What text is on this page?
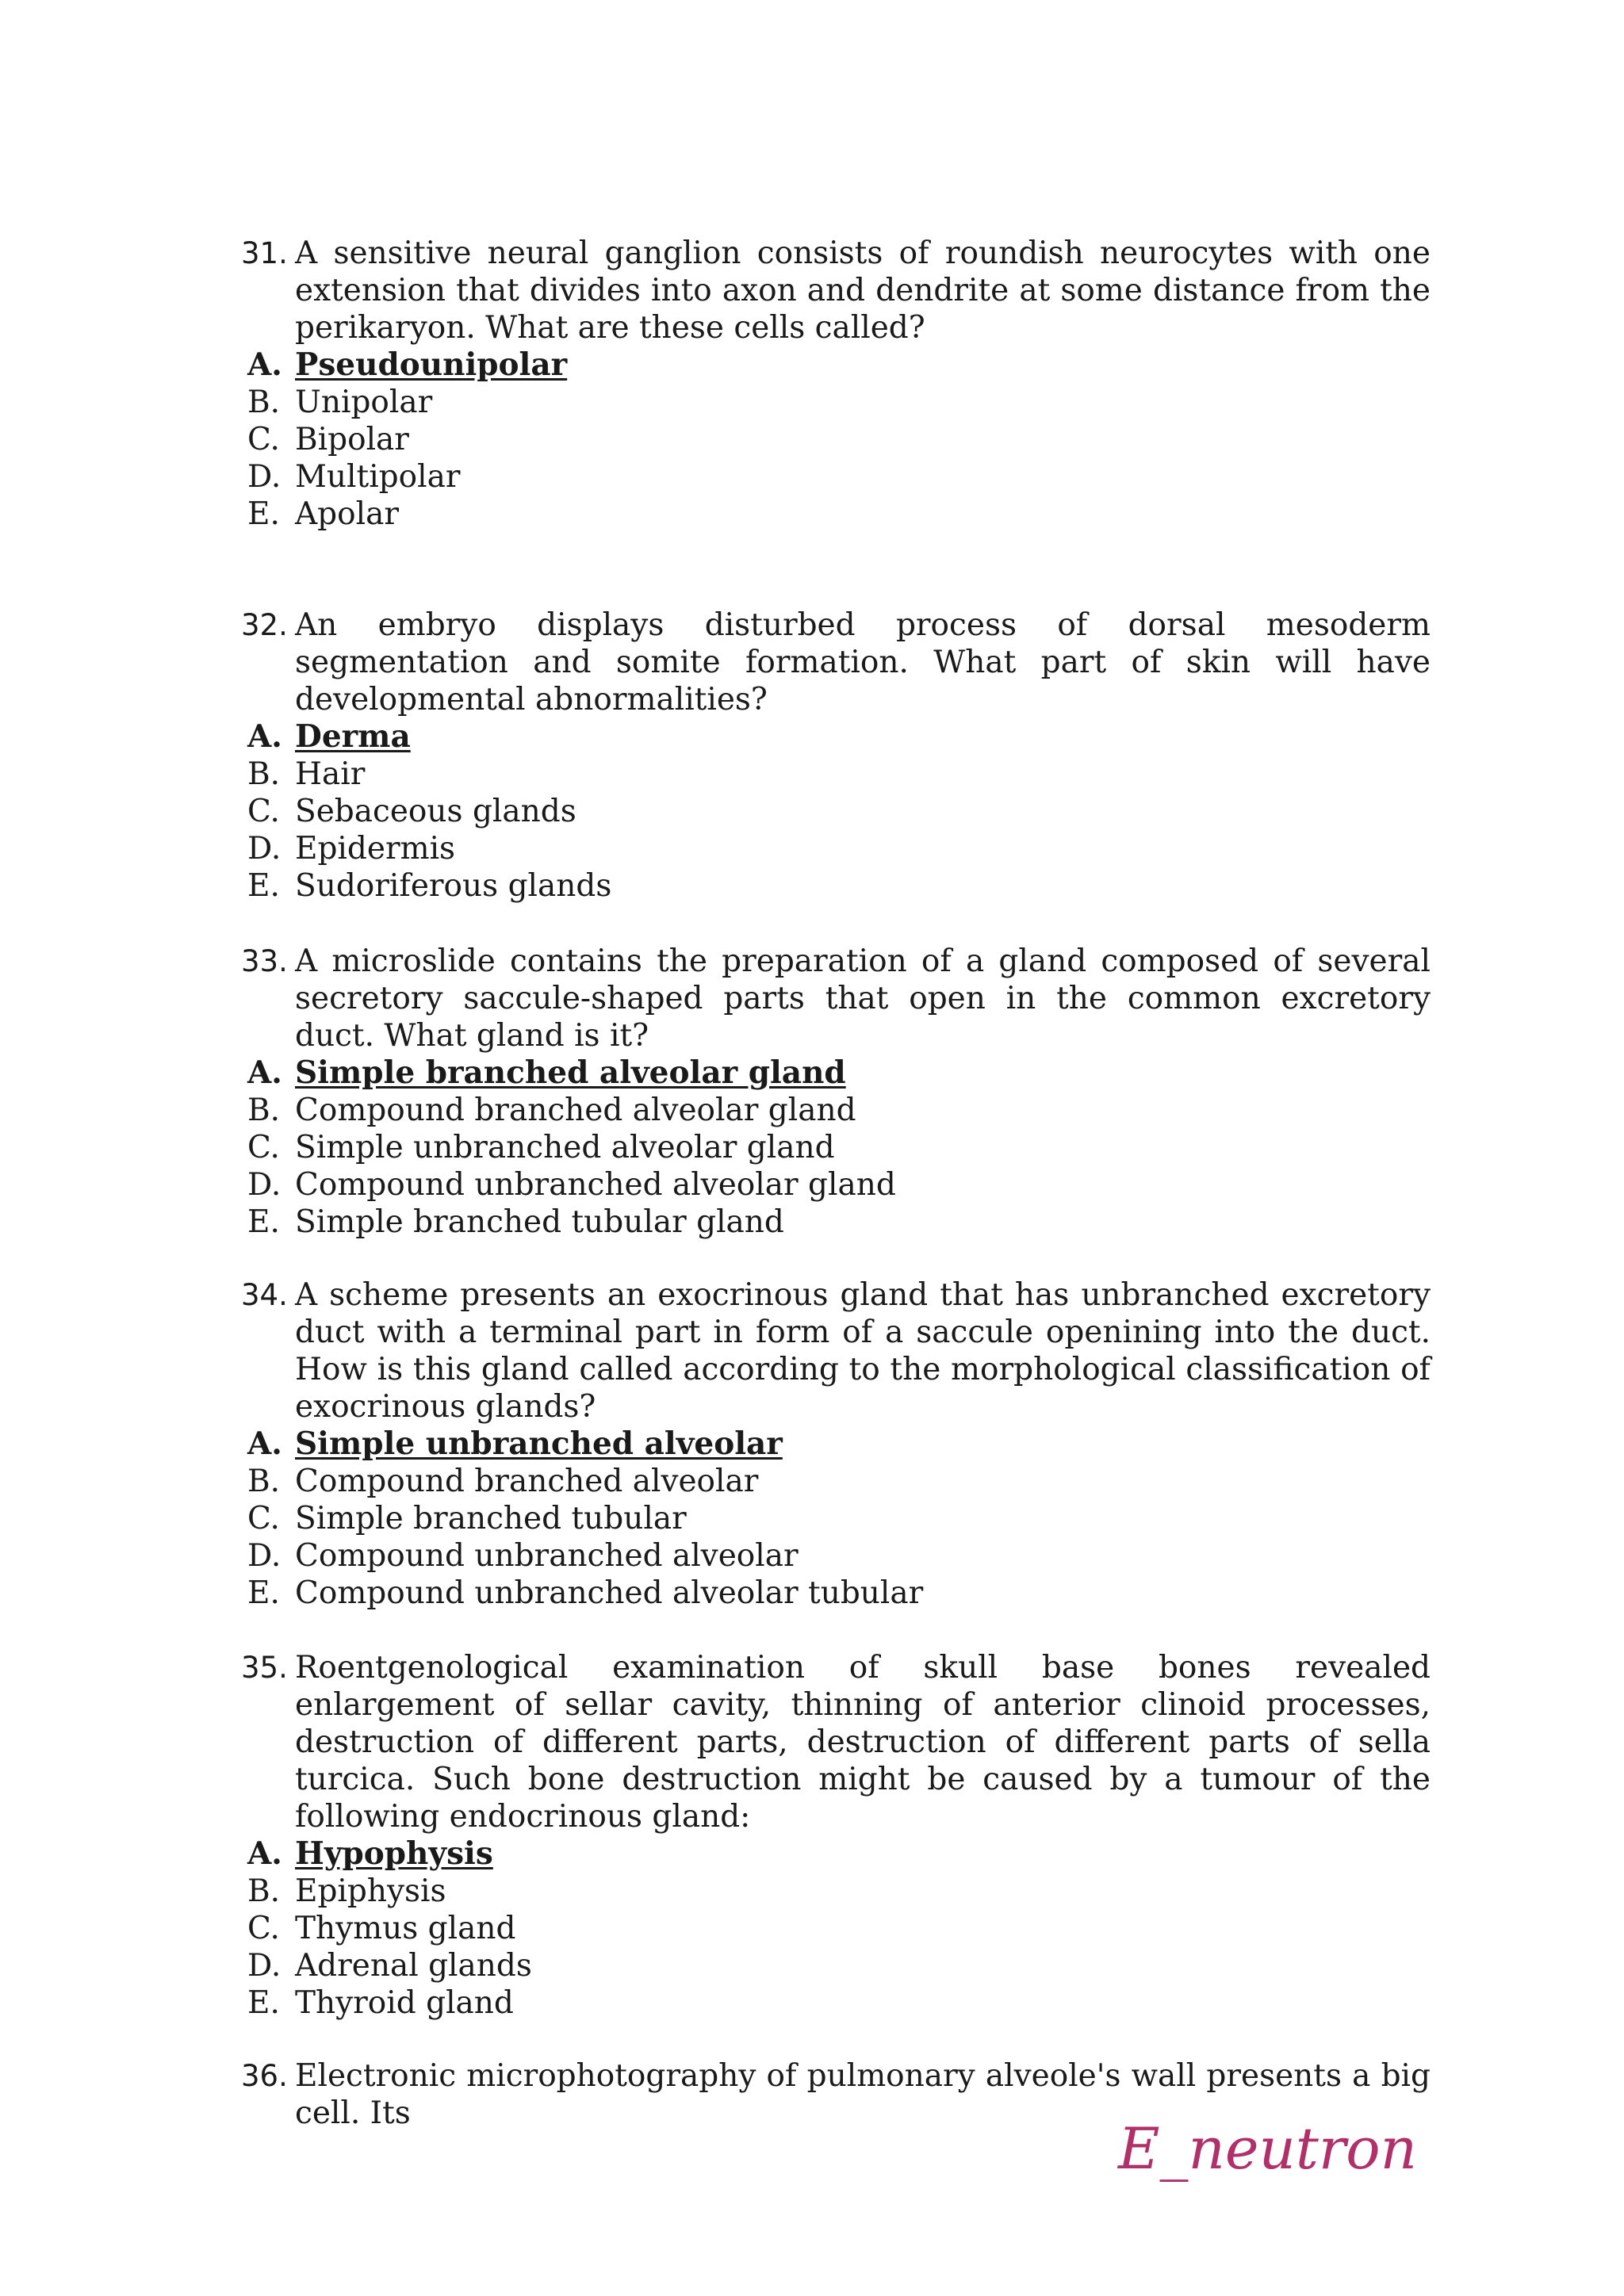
31. A sensitive neural ganglion consists of roundish neurocytes with one extension that divides into axon and dendrite at some distance from the perikaryon. What are these cells called?
A. Pseudounipolar
B. Unipolar
C. Bipolar
D. Multipolar
E. Apolar
32. An embryo displays disturbed process of dorsal mesoderm segmentation and somite formation. What part of skin will have developmental abnormalities?
A. Derma
B. Hair
C. Sebaceous glands
D. Epidermis
E. Sudoriferous glands
33. A microslide contains the preparation of a gland composed of several secretory saccule-shaped parts that open in the common excretory duct. What gland is it?
A. Simple branched alveolar gland
B. Compound branched alveolar gland
C. Simple unbranched alveolar gland
D. Compound unbranched alveolar gland
E. Simple branched tubular gland
34. A scheme presents an exocrinous gland that has unbranched excretory duct with a terminal part in form of a saccule openining into the duct. How is this gland called according to the morphological classification of exocrinous glands?
A. Simple unbranched alveolar
B. Compound branched alveolar
C. Simple branched tubular
D. Compound unbranched alveolar
E. Compound unbranched alveolar tubular
35. Roentgenological examination of skull base bones revealed enlargement of sellar cavity, thinning of anterior clinoid processes, destruction of different parts, destruction of different parts of sella turcica. Such bone destruction might be caused by a tumour of the following endocrinous gland:
A. Hypophysis
B. Epiphysis
C. Thymus gland
D. Adrenal glands
E. Thyroid gland
36. Electronic microphotography of pulmonary alveole's wall presents a big cell. Its
E_neutron
